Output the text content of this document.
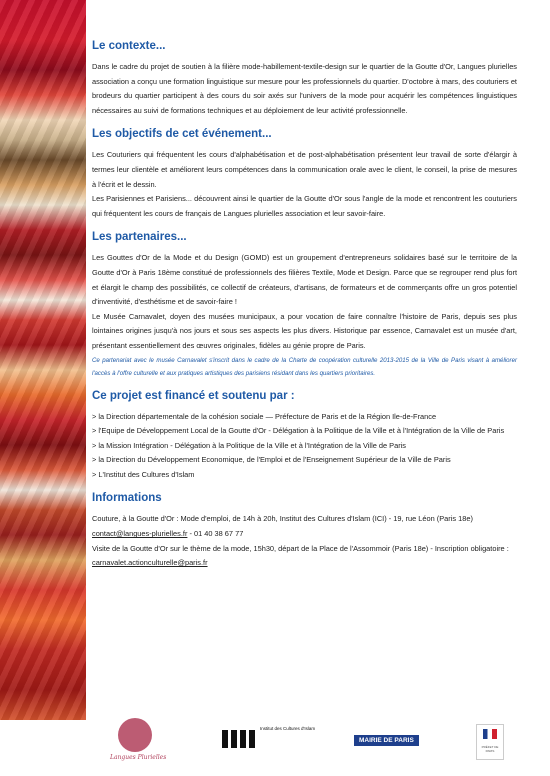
Le contexte...

Dans le cadre du projet de soutien à la filière mode-habillement-textile-design sur le quartier de la Goutte d'Or, Langues plurielles association a conçu une formation linguistique sur mesure pour les professionnels du quartier. D'octobre à mars, des couturiers et brodeurs du quartier participent à des cours du soir axés sur l'univers de la mode pour acquérir les compétences linguistiques nécessaires au suivi de formations techniques et au déploiement de leur activité professionnelle.

Les objectifs de cet événement...

Les Couturiers qui fréquentent les cours d'alphabétisation et de post-alphabétisation présentent leur travail de sorte d'élargir à termes leur clientèle et améliorent leurs compétences dans la communication orale avec le client, le conseil, la prise de mesures à l'écrit et le dessin.

Les Parisiennes et Parisiens... découvrent ainsi le quartier de la Goutte d'Or sous l'angle de la mode et rencontrent les couturiers qui fréquentent les cours de français de Langues plurielles association et leur savoir-faire.

Les partenaires...

Les Gouttes d'Or de la Mode et du Design (GOMD) est un groupement d'entrepreneurs solidaires basé sur le territoire de la Goutte d'Or à Paris 18ème constitué de professionnels des filières Textile, Mode et Design. Parce que se regrouper rend plus fort et élargit le champ des possibilités, ce collectif de créateurs, d'artisans, de formateurs et de commerçants offre un gros potentiel d'inventivité, d'esthétisme et de savoir-faire !

Le Musée Carnavalet, doyen des musées municipaux, a pour vocation de faire connaître l'histoire de Paris, depuis ses plus lointaines origines jusqu'à nos jours et sous ses aspects les plus divers. Historique par essence, Carnavalet est un musée d'art, présentant essentiellement des œuvres originales, fidèles au génie propre de Paris.

Ce partenariat avec le musée Carnavalet s'inscrit dans le cadre de la Charte de coopération culturelle 2013-2015 de la Ville de Paris visant à améliorer l'accès à l'offre culturelle et aux pratiques artistiques des parisiens résidant dans les quartiers prioritaires.

Ce projet est financé et soutenu par :

> la Direction départementale de la cohésion sociale — Préfecture de Paris et de la Région Ile-de-France

> l'Equipe de Développement Local de la Goutte d'Or - Délégation à la Politique de la Ville et à l'Intégration de la Ville de Paris

> la Mission Intégration - Délégation à la Politique de la Ville et à l'Intégration de la Ville de Paris

> la Direction du Développement Economique, de l'Emploi et de l'Enseignement Supérieur de la Ville de Paris

> L'Institut des Cultures d'Islam

Informations

Couture, à la Goutte d'Or : Mode d'emploi, de 14h à 20h, Institut des Cultures d'Islam (ICI) - 19, rue Léon (Paris 18e)

contact@langues-plurielles.fr - 01 40 38 67 77

Visite de la Goutte d'Or sur le thème de la mode, 15h30, départ de la Place de l'Assommoir (Paris 18e) - Inscription obligatoire : carnavalet.actionculturelle@paris.fr

Langues Plurielles
Institut des Cultures d'Islam
MAIRIE DE PARIS
PRÉFET DE PARIS
